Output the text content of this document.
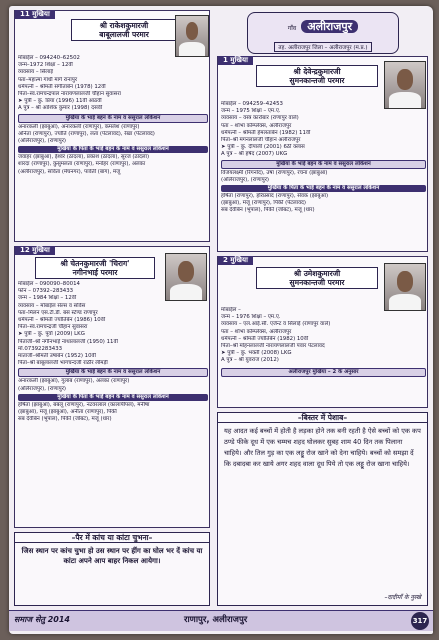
11 मुखिया
श्री राकेशकुमारजी
बाबूलालजी परमार
मोबाईल – 094240–62502
जन्म–1972 शिक्षा – 12वीं
व्यवसाय – सिलाई
पता–महात्मा गांधी मार्ग रानापुर
धर्मपत्नी – श्रीमती संगीताबेन (1978) 12वीं
पिता–स्व.रामचन्द्रपाल नारायणलालजी चौहान सुवासरा
➤ पुत्री – कु. प्रिया (1996) 11वीं आठवीं
A पुत्र – श्री आशिक कुमार (1998) दसवीं
मुखिया के भाई बहन के नाम व ससुराल लोकेशन
अनारकली (झाबुआ), अनारकली (राणापुर), कमलेश (राणापुर)
अनिता (राणापुर), ज्योति (राणापुर), लता (पेटलावद), रेखा (पेटलावद)
(अलिराजपुर), (राणापुर)
मुखिया के पिता के भाई बहन के नाम व ससुराल लोकेशन
जवाहर (झाबुआ), ईश्वर (ठांदला), प्रकाश (ठांदला), सूरज (ठांदला)
शारदा (राणापुर), कुसुमलता (राणापुर), मनोहर (राणापुर), अलका
(अलीराजपुर), सविता (मेघनगर), पार्वती (बाग), मंजू
12 मुखिया
श्री चेतनकुमारजी 'चिराग'
नगीनभाई परमार
मोबाईल – 090090–80014
फोन – 07392–283433
जन्म – 1984 शिक्षा – 12वीं
व्यवसाय – मोबाईल सेल्स व सर्विस
पता–मिलन एस.टी.डी. बस स्टेण्ड राणापुर
धर्मपत्नी – श्रीमती ज्योतिबेन (1986) 10वीं
पिता–स्व.रामचन्द्रजी चौहान सुवासरा
➤ पुत्री – कु. पूर्वा (2009) LKG
पिताजी–श्री नगीनभाई नाथालालजी (1950) 11वीं
मो.07392283433
माताजी–श्रीमती उषाबेन (1952) 10वीं
पिता–श्री बाबूलालजी भागचन्दजी राठौर लीमड़ी
मुखिया के भाई बहन के नाम व ससुराल लोकेशन
अनारकली (झाबुआ), गुलाब (राणापुर), अलका (राणापुर)
(अलिराजपुर), (राणापुर)
मुखिया के पिता के भाई बहन के नाम व ससुराल लोकेशन
हर्षिता (झाबुआ), बबलू (राणापुर), नटवरलाल (कालापीपल), मनीषा
(झाबुआ), मंजू (झाबुआ), अनीता (राणापुर), पिंकी
सब देवीबेन (भूपाल), पिंकी (जोबट), मंजू (धार)
गाँव अलीराजपुर
तह. अलीराजपुर जिला – अलीराजपुर (म.प्र.)
1 मुखिया
श्री देवेन्द्रकुमारजी
सुमनकान्तजी परमार
मोबाईल – 094259–42453
जन्म – 1975 शिक्षा – एम.ए.
व्यवसाय – वस्त्र कारोबार (राणापुर वाले)
पता – शोभा कॉम्प्लेक्स, अलीराजपुर
धर्मपत्नी – श्रीमती हेमलताबेन (1982) 11वीं
पिता–श्री मगनलालजी चौहान अलीराजपुर
➤ पुत्री – कु. दीपाली (2001) 6ठी क्लास
A पुत्र – श्री हर्षद (2007) UKG
मुखिया के भाई बहन के नाम व ससुराल लोकेशन
विजयलक्ष्मी (रिंगनोद), उषा (राणापुर), रचना (झाबुआ)
(अलिराजपुर), (राणापुर)
मुखिया के पिता के भाई बहन के नाम व ससुराल लोकेशन
हर्षिता (राणापुर), हरिप्रसाद (राणापुर), सेवक (झाबुआ)
(झाबुआ), मंजू (राणापुर), पिंकी (पेटलावद)
सब देवीबेन (भूपाल), पिंकी (जोबट), मंजू (धार)
2 मुखिया
श्री उमेशकुमारजी
सुमनकान्तजी परमार
मोबाईल –
जन्म – 1976 शिक्षा – एम.ए.
व्यवसाय – एल.आई.सी. एजेन्ट व सिलाई (राणापुर वाले)
पता – शोभा कॉम्प्लेक्स, अलीराजपुर
धर्मपत्नी – श्रीमती ज्योतिबेन (1982) 10वीं
पिता–श्री मोहनलालजी नारायणलालजी पंवार पेटलावद
➤ पुत्री – कु. भक्ती (2008) LKG
A पुत्र – श्री युवराज (2012)
अलीराजपुर मुखिया – 2 के अनुसार
–पैर में कांच या कांटा चुभना–
जिस स्थान पर कांच चुभा हो उस स्थान पर हींग का घोल भर दें कांच या कांटा अपने आप बाहर निकल आयेगा।
–बिस्तर में पेशाब–
यह आदत कई बच्चों में होती है लड़का होने तक बनी रहती है ऐसे बच्चों को एक कप ठण्डे फीके दूध में एक चम्मच शहद घोलकर सुबह शाम 40 दिन तक पिलाना चाहिये। और तिल गुड़ का एक लड्डू रोज खाने को देना चाहिये। बच्चों को समझा दें कि दबादबा कर खाये अगर शहद वाला दूध पिये तो एक लड्डू रोज खाना चाहिये।
–दादीमाँ के नुस्खे
समाज सेतु 2014	राणापुर, अलीराजपुर	317
